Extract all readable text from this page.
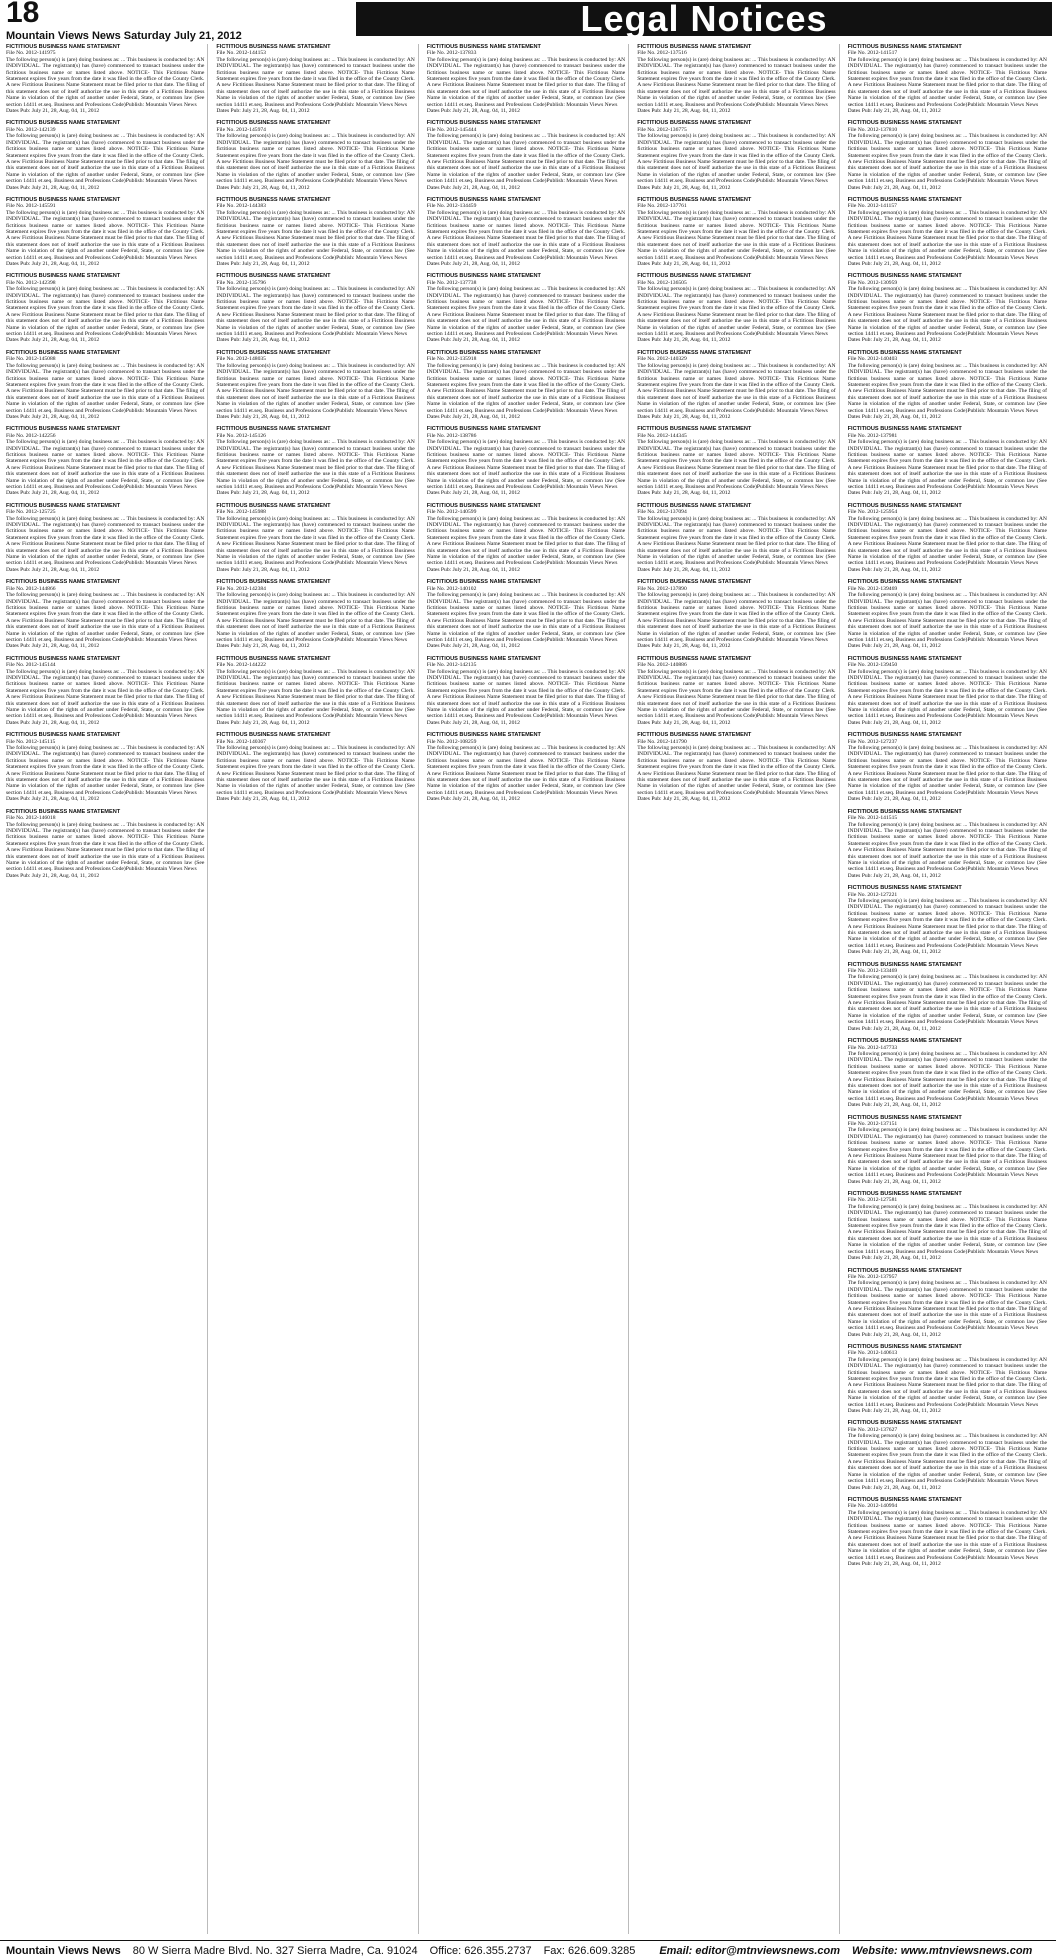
18
Mountain Views News Saturday July 21, 2012	Legal Notices
FICTITIOUS BUSINESS NAME STATEMENT
File No. 2012-141975
The following person(s) is (are) doing business as: ... This business is conducted by: AN INDIVIDUAL. The registrant(s) has (have) commenced to transact business under the fictitious business name or names listed above. NOTICE- This Fictitious Name Statement expires five years from the date it was filed in the office of the County Clerk. A new Fictitious Business Name Statement must be filed prior to that date. The filing of this statement does not of itself authorize the use in this state of a Fictitious Business Name in violation of the rights of another under Federal, State, or common law (See section 14411 et.seq. Business and Professions Code)Publish: Mountain Views News
Dates Pub: July 21, 28, Aug. 04, 11, 2012
FICTITIOUS BUSINESS NAME STATEMENT
File No. 2012-142139
The following person(s) is (are) doing business as: ... This business is conducted by: AN INDIVIDUAL. The registrant(s) has (have) commenced to transact business under the fictitious business name or names listed above. NOTICE- This Fictitious Name Statement expires five years from the date it was filed in the office of the County Clerk. A new Fictitious Business Name Statement must be filed prior to that date. The filing of this statement does not of itself authorize the use in this state of a Fictitious Business Name in violation of the rights of another under Federal, State, or common law (See section 14411 et.seq. Business and Professions Code)Publish: Mountain Views News
Dates Pub: July 21, 28, Aug. 04, 11, 2012
FICTITIOUS BUSINESS NAME STATEMENT
File No. 2012-145591
The following person(s) is (are) doing business as: ... This business is conducted by: AN INDIVIDUAL. The registrant(s) has (have) commenced to transact business under the fictitious business name or names listed above. NOTICE- This Fictitious Name Statement expires five years from the date it was filed in the office of the County Clerk. A new Fictitious Business Name Statement must be filed prior to that date. The filing of this statement does not of itself authorize the use in this state of a Fictitious Business Name in violation of the rights of another under Federal, State, or common law (See section 14411 et.seq. Business and Professions Code)Publish: Mountain Views News
Dates Pub: July 21, 28, Aug. 04, 11, 2012
FICTITIOUS BUSINESS NAME STATEMENT
File No. 2012-142398
The following person(s) is (are) doing business as: ... This business is conducted by: AN INDIVIDUAL. The registrant(s) has (have) commenced to transact business under the fictitious business name or names listed above. NOTICE- This Fictitious Name Statement expires five years from the date it was filed in the office of the County Clerk. A new Fictitious Business Name Statement must be filed prior to that date. The filing of this statement does not of itself authorize the use in this state of a Fictitious Business Name in violation of the rights of another under Federal, State, or common law (See section 14411 et.seq. Business and Professions Code)Publish: Mountain Views News
Dates Pub: July 21, 28, Aug. 04, 11, 2012
FICTITIOUS BUSINESS NAME STATEMENT
File No. 2012-145088
The following person(s) is (are) doing business as: ... This business is conducted by: AN INDIVIDUAL. The registrant(s) has (have) commenced to transact business under the fictitious business name or names listed above. NOTICE- This Fictitious Name Statement expires five years from the date it was filed in the office of the County Clerk. A new Fictitious Business Name Statement must be filed prior to that date. The filing of this statement does not of itself authorize the use in this state of a Fictitious Business Name in violation of the rights of another under Federal, State, or common law (See section 14411 et.seq. Business and Professions Code)Publish: Mountain Views News
Dates Pub: July 21, 28, Aug. 04, 11, 2012
FICTITIOUS BUSINESS NAME STATEMENT
File No. 2012-142256
The following person(s) is (are) doing business as: ... This business is conducted by: AN INDIVIDUAL. The registrant(s) has (have) commenced to transact business under the fictitious business name or names listed above. NOTICE- This Fictitious Name Statement expires five years from the date it was filed in the office of the County Clerk. A new Fictitious Business Name Statement must be filed prior to that date. The filing of this statement does not of itself authorize the use in this state of a Fictitious Business Name in violation of the rights of another under Federal, State, or common law (See section 14411 et.seq. Business and Professions Code)Publish: Mountain Views News
Dates Pub: July 21, 28, Aug. 04, 11, 2012
FICTITIOUS BUSINESS NAME STATEMENT
File No. 2012-125725
The following person(s) is (are) doing business as: ... This business is conducted by: AN INDIVIDUAL. The registrant(s) has (have) commenced to transact business under the fictitious business name or names listed above. NOTICE- This Fictitious Name Statement expires five years from the date it was filed in the office of the County Clerk. A new Fictitious Business Name Statement must be filed prior to that date. The filing of this statement does not of itself authorize the use in this state of a Fictitious Business Name in violation of the rights of another under Federal, State, or common law (See section 14411 et.seq. Business and Professions Code)Publish: Mountain Views News
Dates Pub: July 21, 28, Aug. 04, 11, 2012
FICTITIOUS BUSINESS NAME STATEMENT
File No. 2012-144866
The following person(s) is (are) doing business as: ... This business is conducted by: AN INDIVIDUAL. The registrant(s) has (have) commenced to transact business under the fictitious business name or names listed above. NOTICE- This Fictitious Name Statement expires five years from the date it was filed in the office of the County Clerk. A new Fictitious Business Name Statement must be filed prior to that date. The filing of this statement does not of itself authorize the use in this state of a Fictitious Business Name in violation of the rights of another under Federal, State, or common law (See section 14411 et.seq. Business and Professions Code)Publish: Mountain Views News
Dates Pub: July 21, 28, Aug. 04, 11, 2012
FICTITIOUS BUSINESS NAME STATEMENT
File No. 2012-145144
The following person(s) is (are) doing business as: ... This business is conducted by: AN INDIVIDUAL. The registrant(s) has (have) commenced to transact business under the fictitious business name or names listed above. NOTICE- This Fictitious Name Statement expires five years from the date it was filed in the office of the County Clerk. A new Fictitious Business Name Statement must be filed prior to that date. The filing of this statement does not of itself authorize the use in this state of a Fictitious Business Name in violation of the rights of another under Federal, State, or common law (See section 14411 et.seq. Business and Professions Code)Publish: Mountain Views News
Dates Pub: July 21, 28, Aug. 04, 11, 2012
FICTITIOUS BUSINESS NAME STATEMENT
File No. 2012-145115
The following person(s) is (are) doing business as: ... This business is conducted by: AN INDIVIDUAL. The registrant(s) has (have) commenced to transact business under the fictitious business name or names listed above. NOTICE- This Fictitious Name Statement expires five years from the date it was filed in the office of the County Clerk. A new Fictitious Business Name Statement must be filed prior to that date. The filing of this statement does not of itself authorize the use in this state of a Fictitious Business Name in violation of the rights of another under Federal, State, or common law (See section 14411 et.seq. Business and Professions Code)Publish: Mountain Views News
Dates Pub: July 21, 28, Aug. 04, 11, 2012
FICTITIOUS BUSINESS NAME STATEMENT
File No. 2012-146018
The following person(s) is (are) doing business as: ... This business is conducted by: AN INDIVIDUAL. The registrant(s) has (have) commenced to transact business under the fictitious business name or names listed above. NOTICE- This Fictitious Name Statement expires five years from the date it was filed in the office of the County Clerk. A new Fictitious Business Name Statement must be filed prior to that date. The filing of this statement does not of itself authorize the use in this state of a Fictitious Business Name in violation of the rights of another under Federal, State, or common law (See section 14411 et.seq. Business and Professions Code)Publish: Mountain Views News
Dates Pub: July 21, 28, Aug. 04, 11, 2012
FICTITIOUS BUSINESS NAME STATEMENT
File No. 2012-144153
The following person(s) is (are) doing business as: ... This business is conducted by: AN INDIVIDUAL. The registrant(s) has (have) commenced to transact business under the fictitious business name or names listed above. NOTICE- This Fictitious Name Statement expires five years from the date it was filed in the office of the County Clerk. A new Fictitious Business Name Statement must be filed prior to that date. The filing of this statement does not of itself authorize the use in this state of a Fictitious Business Name in violation of the rights of another under Federal, State, or common law (See section 14411 et.seq. Business and Professions Code)Publish: Mountain Views News
Dates Pub: July 21, 28, Aug. 04, 11, 2012
FICTITIOUS BUSINESS NAME STATEMENT
File No. 2012-145974
The following person(s) is (are) doing business as: ... This business is conducted by: AN INDIVIDUAL. The registrant(s) has (have) commenced to transact business under the fictitious business name or names listed above. NOTICE- This Fictitious Name Statement expires five years from the date it was filed in the office of the County Clerk. A new Fictitious Business Name Statement must be filed prior to that date. The filing of this statement does not of itself authorize the use in this state of a Fictitious Business Name in violation of the rights of another under Federal, State, or common law (See section 14411 et.seq. Business and Professions Code)Publish: Mountain Views News
Dates Pub: July 21, 28, Aug. 04, 11, 2012
FICTITIOUS BUSINESS NAME STATEMENT
File No. 2012-144383
The following person(s) is (are) doing business as: ... This business is conducted by: AN INDIVIDUAL. The registrant(s) has (have) commenced to transact business under the fictitious business name or names listed above. NOTICE- This Fictitious Name Statement expires five years from the date it was filed in the office of the County Clerk. A new Fictitious Business Name Statement must be filed prior to that date. The filing of this statement does not of itself authorize the use in this state of a Fictitious Business Name in violation of the rights of another under Federal, State, or common law (See section 14411 et.seq. Business and Professions Code)Publish: Mountain Views News
Dates Pub: July 21, 28, Aug. 04, 11, 2012
FICTITIOUS BUSINESS NAME STATEMENT
File No. 2012-135796
The following person(s) is (are) doing business as: ... This business is conducted by: AN INDIVIDUAL. The registrant(s) has (have) commenced to transact business under the fictitious business name or names listed above. NOTICE- This Fictitious Name Statement expires five years from the date it was filed in the office of the County Clerk. A new Fictitious Business Name Statement must be filed prior to that date. The filing of this statement does not of itself authorize the use in this state of a Fictitious Business Name in violation of the rights of another under Federal, State, or common law (See section 14411 et.seq. Business and Professions Code)Publish: Mountain Views News
Dates Pub: July 21, 28, Aug. 04, 11, 2012
FICTITIOUS BUSINESS NAME STATEMENT
File No. 2012-148035
The following person(s) is (are) doing business as: ... This business is conducted by: AN INDIVIDUAL. The registrant(s) has (have) commenced to transact business under the fictitious business name or names listed above. NOTICE- This Fictitious Name Statement expires five years from the date it was filed in the office of the County Clerk. A new Fictitious Business Name Statement must be filed prior to that date. The filing of this statement does not of itself authorize the use in this state of a Fictitious Business Name in violation of the rights of another under Federal, State, or common law (See section 14411 et.seq. Business and Professions Code)Publish: Mountain Views News
Dates Pub: July 21, 28, Aug. 04, 11, 2012
FICTITIOUS BUSINESS NAME STATEMENT
File No. 2012-145126
The following person(s) is (are) doing business as: ... This business is conducted by: AN INDIVIDUAL. The registrant(s) has (have) commenced to transact business under the fictitious business name or names listed above. NOTICE- This Fictitious Name Statement expires five years from the date it was filed in the office of the County Clerk. A new Fictitious Business Name Statement must be filed prior to that date. The filing of this statement does not of itself authorize the use in this state of a Fictitious Business Name in violation of the rights of another under Federal, State, or common law (See section 14411 et.seq. Business and Professions Code)Publish: Mountain Views News
Dates Pub: July 21, 28, Aug. 04, 11, 2012
FICTITIOUS BUSINESS NAME STATEMENT
File No. 2012-145988
The following person(s) is (are) doing business as: ... This business is conducted by: AN INDIVIDUAL. The registrant(s) has (have) commenced to transact business under the fictitious business name or names listed above. NOTICE- This Fictitious Name Statement expires five years from the date it was filed in the office of the County Clerk. A new Fictitious Business Name Statement must be filed prior to that date. The filing of this statement does not of itself authorize the use in this state of a Fictitious Business Name in violation of the rights of another under Federal, State, or common law (See section 14411 et.seq. Business and Professions Code)Publish: Mountain Views News
Dates Pub: July 21, 28, Aug. 04, 11, 2012
FICTITIOUS BUSINESS NAME STATEMENT
File No. 2012-142384
The following person(s) is (are) doing business as: ... This business is conducted by: AN INDIVIDUAL. The registrant(s) has (have) commenced to transact business under the fictitious business name or names listed above. NOTICE- This Fictitious Name Statement expires five years from the date it was filed in the office of the County Clerk. A new Fictitious Business Name Statement must be filed prior to that date. The filing of this statement does not of itself authorize the use in this state of a Fictitious Business Name in violation of the rights of another under Federal, State, or common law (See section 14411 et.seq. Business and Professions Code)Publish: Mountain Views News
Dates Pub: July 21, 28, Aug. 04, 11, 2012
FICTITIOUS BUSINESS NAME STATEMENT
File No. 2012-144222
The following person(s) is (are) doing business as: ... This business is conducted by: AN INDIVIDUAL. The registrant(s) has (have) commenced to transact business under the fictitious business name or names listed above. NOTICE- This Fictitious Name Statement expires five years from the date it was filed in the office of the County Clerk. A new Fictitious Business Name Statement must be filed prior to that date. The filing of this statement does not of itself authorize the use in this state of a Fictitious Business Name in violation of the rights of another under Federal, State, or common law (See section 14411 et.seq. Business and Professions Code)Publish: Mountain Views News
Dates Pub: July 21, 28, Aug. 04, 11, 2012
FICTITIOUS BUSINESS NAME STATEMENT
File No. 2012-140367
The following person(s) is (are) doing business as: ... This business is conducted by: AN INDIVIDUAL. The registrant(s) has (have) commenced to transact business under the fictitious business name or names listed above. NOTICE- This Fictitious Name Statement expires five years from the date it was filed in the office of the County Clerk. A new Fictitious Business Name Statement must be filed prior to that date. The filing of this statement does not of itself authorize the use in this state of a Fictitious Business Name in violation of the rights of another under Federal, State, or common law (See section 14411 et.seq. Business and Professions Code)Publish: Mountain Views News
Dates Pub: July 21, 28, Aug. 04, 11, 2012
FICTITIOUS BUSINESS NAME STATEMENT
File No. 2012-137833
The following person(s) is (are) doing business as: ... This business is conducted by: AN INDIVIDUAL. The registrant(s) has (have) commenced to transact business under the fictitious business name or names listed above. NOTICE- This Fictitious Name Statement expires five years from the date it was filed in the office of the County Clerk. A new Fictitious Business Name Statement must be filed prior to that date. The filing of this statement does not of itself authorize the use in this state of a Fictitious Business Name in violation of the rights of another under Federal, State, or common law (See section 14411 et.seq. Business and Professions Code)Publish: Mountain Views News
Dates Pub: July 21, 28, Aug. 04, 11, 2012
FICTITIOUS BUSINESS NAME STATEMENT
File No. 2012-145444
The following person(s) is (are) doing business as: ... This business is conducted by: AN INDIVIDUAL. The registrant(s) has (have) commenced to transact business under the fictitious business name or names listed above. NOTICE- This Fictitious Name Statement expires five years from the date it was filed in the office of the County Clerk. A new Fictitious Business Name Statement must be filed prior to that date. The filing of this statement does not of itself authorize the use in this state of a Fictitious Business Name in violation of the rights of another under Federal, State, or common law (See section 14411 et.seq. Business and Professions Code)Publish: Mountain Views News
Dates Pub: July 21, 28, Aug. 04, 11, 2012
FICTITIOUS BUSINESS NAME STATEMENT
File No. 2012-134459
The following person(s) is (are) doing business as: ... This business is conducted by: AN INDIVIDUAL. The registrant(s) has (have) commenced to transact business under the fictitious business name or names listed above. NOTICE- This Fictitious Name Statement expires five years from the date it was filed in the office of the County Clerk. A new Fictitious Business Name Statement must be filed prior to that date. The filing of this statement does not of itself authorize the use in this state of a Fictitious Business Name in violation of the rights of another under Federal, State, or common law (See section 14411 et.seq. Business and Professions Code)Publish: Mountain Views News
Dates Pub: July 21, 28, Aug. 04, 11, 2012
FICTITIOUS BUSINESS NAME STATEMENT
File No. 2012-137738
The following person(s) is (are) doing business as: ... This business is conducted by: AN INDIVIDUAL. The registrant(s) has (have) commenced to transact business under the fictitious business name or names listed above. NOTICE- This Fictitious Name Statement expires five years from the date it was filed in the office of the County Clerk. A new Fictitious Business Name Statement must be filed prior to that date. The filing of this statement does not of itself authorize the use in this state of a Fictitious Business Name in violation of the rights of another under Federal, State, or common law (See section 14411 et.seq. Business and Professions Code)Publish: Mountain Views News
Dates Pub: July 21, 28, Aug. 04, 11, 2012
FICTITIOUS BUSINESS NAME STATEMENT
File No. 2012-135918
The following person(s) is (are) doing business as: ... This business is conducted by: AN INDIVIDUAL. The registrant(s) has (have) commenced to transact business under the fictitious business name or names listed above. NOTICE- This Fictitious Name Statement expires five years from the date it was filed in the office of the County Clerk. A new Fictitious Business Name Statement must be filed prior to that date. The filing of this statement does not of itself authorize the use in this state of a Fictitious Business Name in violation of the rights of another under Federal, State, or common law (See section 14411 et.seq. Business and Professions Code)Publish: Mountain Views News
Dates Pub: July 21, 28, Aug. 04, 11, 2012
FICTITIOUS BUSINESS NAME STATEMENT
File No. 2012-138786
The following person(s) is (are) doing business as: ... This business is conducted by: AN INDIVIDUAL. The registrant(s) has (have) commenced to transact business under the fictitious business name or names listed above. NOTICE- This Fictitious Name Statement expires five years from the date it was filed in the office of the County Clerk. A new Fictitious Business Name Statement must be filed prior to that date. The filing of this statement does not of itself authorize the use in this state of a Fictitious Business Name in violation of the rights of another under Federal, State, or common law (See section 14411 et.seq. Business and Professions Code)Publish: Mountain Views News
Dates Pub: July 21, 28, Aug. 04, 11, 2012
FICTITIOUS BUSINESS NAME STATEMENT
File No. 2012-140599
The following person(s) is (are) doing business as: ... This business is conducted by: AN INDIVIDUAL. The registrant(s) has (have) commenced to transact business under the fictitious business name or names listed above. NOTICE- This Fictitious Name Statement expires five years from the date it was filed in the office of the County Clerk. A new Fictitious Business Name Statement must be filed prior to that date. The filing of this statement does not of itself authorize the use in this state of a Fictitious Business Name in violation of the rights of another under Federal, State, or common law (See section 14411 et.seq. Business and Professions Code)Publish: Mountain Views News
Dates Pub: July 21, 28, Aug. 04, 11, 2012
FICTITIOUS BUSINESS NAME STATEMENT
File No. 2012-140102
The following person(s) is (are) doing business as: ... This business is conducted by: AN INDIVIDUAL. The registrant(s) has (have) commenced to transact business under the fictitious business name or names listed above. NOTICE- This Fictitious Name Statement expires five years from the date it was filed in the office of the County Clerk. A new Fictitious Business Name Statement must be filed prior to that date. The filing of this statement does not of itself authorize the use in this state of a Fictitious Business Name in violation of the rights of another under Federal, State, or common law (See section 14411 et.seq. Business and Professions Code)Publish: Mountain Views News
Dates Pub: July 21, 28, Aug. 04, 11, 2012
FICTITIOUS BUSINESS NAME STATEMENT
File No. 2012-142135
The following person(s) is (are) doing business as: ... This business is conducted by: AN INDIVIDUAL. The registrant(s) has (have) commenced to transact business under the fictitious business name or names listed above. NOTICE- This Fictitious Name Statement expires five years from the date it was filed in the office of the County Clerk. A new Fictitious Business Name Statement must be filed prior to that date. The filing of this statement does not of itself authorize the use in this state of a Fictitious Business Name in violation of the rights of another under Federal, State, or common law (See section 14411 et.seq. Business and Professions Code)Publish: Mountain Views News
Dates Pub: July 21, 28, Aug. 04, 11, 2012
FICTITIOUS BUSINESS NAME STATEMENT
File No. 2012-108259
The following person(s) is (are) doing business as: ... This business is conducted by: AN INDIVIDUAL. The registrant(s) has (have) commenced to transact business under the fictitious business name or names listed above. NOTICE- This Fictitious Name Statement expires five years from the date it was filed in the office of the County Clerk. A new Fictitious Business Name Statement must be filed prior to that date. The filing of this statement does not of itself authorize the use in this state of a Fictitious Business Name in violation of the rights of another under Federal, State, or common law (See section 14411 et.seq. Business and Professions Code)Publish: Mountain Views News
Dates Pub: July 21, 28, Aug. 04, 11, 2012
FICTITIOUS BUSINESS NAME STATEMENT
File No. 2012-137516
The following person(s) is (are) doing business as: ... This business is conducted by: AN INDIVIDUAL. The registrant(s) has (have) commenced to transact business under the fictitious business name or names listed above. NOTICE- This Fictitious Name Statement expires five years from the date it was filed in the office of the County Clerk. A new Fictitious Business Name Statement must be filed prior to that date. The filing of this statement does not of itself authorize the use in this state of a Fictitious Business Name in violation of the rights of another under Federal, State, or common law (See section 14411 et.seq. Business and Professions Code)Publish: Mountain Views News
Dates Pub: July 21, 28, Aug. 04, 11, 2012
FICTITIOUS BUSINESS NAME STATEMENT
File No. 2012-136775
The following person(s) is (are) doing business as: ... This business is conducted by: AN INDIVIDUAL. The registrant(s) has (have) commenced to transact business under the fictitious business name or names listed above. NOTICE- This Fictitious Name Statement expires five years from the date it was filed in the office of the County Clerk. A new Fictitious Business Name Statement must be filed prior to that date. The filing of this statement does not of itself authorize the use in this state of a Fictitious Business Name in violation of the rights of another under Federal, State, or common law (See section 14411 et.seq. Business and Professions Code)Publish: Mountain Views News
Dates Pub: July 21, 28, Aug. 04, 11, 2012
FICTITIOUS BUSINESS NAME STATEMENT
File No. 2012-137761
The following person(s) is (are) doing business as: ... This business is conducted by: AN INDIVIDUAL. The registrant(s) has (have) commenced to transact business under the fictitious business name or names listed above. NOTICE- This Fictitious Name Statement expires five years from the date it was filed in the office of the County Clerk. A new Fictitious Business Name Statement must be filed prior to that date. The filing of this statement does not of itself authorize the use in this state of a Fictitious Business Name in violation of the rights of another under Federal, State, or common law (See section 14411 et.seq. Business and Professions Code)Publish: Mountain Views News
Dates Pub: July 21, 28, Aug. 04, 11, 2012
FICTITIOUS BUSINESS NAME STATEMENT
File No. 2012-136505
The following person(s) is (are) doing business as: ... This business is conducted by: AN INDIVIDUAL. The registrant(s) has (have) commenced to transact business under the fictitious business name or names listed above. NOTICE- This Fictitious Name Statement expires five years from the date it was filed in the office of the County Clerk. A new Fictitious Business Name Statement must be filed prior to that date. The filing of this statement does not of itself authorize the use in this state of a Fictitious Business Name in violation of the rights of another under Federal, State, or common law (See section 14411 et.seq. Business and Professions Code)Publish: Mountain Views News
Dates Pub: July 21, 28, Aug. 04, 11, 2012
FICTITIOUS BUSINESS NAME STATEMENT
File No. 2012-140329
The following person(s) is (are) doing business as: ... This business is conducted by: AN INDIVIDUAL. The registrant(s) has (have) commenced to transact business under the fictitious business name or names listed above. NOTICE- This Fictitious Name Statement expires five years from the date it was filed in the office of the County Clerk. A new Fictitious Business Name Statement must be filed prior to that date. The filing of this statement does not of itself authorize the use in this state of a Fictitious Business Name in violation of the rights of another under Federal, State, or common law (See section 14411 et.seq. Business and Professions Code)Publish: Mountain Views News
Dates Pub: July 21, 28, Aug. 04, 11, 2012
FICTITIOUS BUSINESS NAME STATEMENT
File No. 2012-144345
The following person(s) is (are) doing business as: ... This business is conducted by: AN INDIVIDUAL. The registrant(s) has (have) commenced to transact business under the fictitious business name or names listed above. NOTICE- This Fictitious Name Statement expires five years from the date it was filed in the office of the County Clerk. A new Fictitious Business Name Statement must be filed prior to that date. The filing of this statement does not of itself authorize the use in this state of a Fictitious Business Name in violation of the rights of another under Federal, State, or common law (See section 14411 et.seq. Business and Professions Code)Publish: Mountain Views News
Dates Pub: July 21, 28, Aug. 04, 11, 2012
FICTITIOUS BUSINESS NAME STATEMENT
File No. 2012-137094
The following person(s) is (are) doing business as: ... This business is conducted by: AN INDIVIDUAL. The registrant(s) has (have) commenced to transact business under the fictitious business name or names listed above. NOTICE- This Fictitious Name Statement expires five years from the date it was filed in the office of the County Clerk. A new Fictitious Business Name Statement must be filed prior to that date. The filing of this statement does not of itself authorize the use in this state of a Fictitious Business Name in violation of the rights of another under Federal, State, or common law (See section 14411 et.seq. Business and Professions Code)Publish: Mountain Views News
Dates Pub: July 21, 28, Aug. 04, 11, 2012
FICTITIOUS BUSINESS NAME STATEMENT
File No. 2012-137890
The following person(s) is (are) doing business as: ... This business is conducted by: AN INDIVIDUAL. The registrant(s) has (have) commenced to transact business under the fictitious business name or names listed above. NOTICE- This Fictitious Name Statement expires five years from the date it was filed in the office of the County Clerk. A new Fictitious Business Name Statement must be filed prior to that date. The filing of this statement does not of itself authorize the use in this state of a Fictitious Business Name in violation of the rights of another under Federal, State, or common law (See section 14411 et.seq. Business and Professions Code)Publish: Mountain Views News
Dates Pub: July 21, 28, Aug. 04, 11, 2012
FICTITIOUS BUSINESS NAME STATEMENT
File No. 2012-140886
The following person(s) is (are) doing business as: ... This business is conducted by: AN INDIVIDUAL. The registrant(s) has (have) commenced to transact business under the fictitious business name or names listed above. NOTICE- This Fictitious Name Statement expires five years from the date it was filed in the office of the County Clerk. A new Fictitious Business Name Statement must be filed prior to that date. The filing of this statement does not of itself authorize the use in this state of a Fictitious Business Name in violation of the rights of another under Federal, State, or common law (See section 14411 et.seq. Business and Professions Code)Publish: Mountain Views News
Dates Pub: July 21, 28, Aug. 04, 11, 2012
FICTITIOUS BUSINESS NAME STATEMENT
File No. 2012-141790
The following person(s) is (are) doing business as: ... This business is conducted by: AN INDIVIDUAL. The registrant(s) has (have) commenced to transact business under the fictitious business name or names listed above. NOTICE- This Fictitious Name Statement expires five years from the date it was filed in the office of the County Clerk. A new Fictitious Business Name Statement must be filed prior to that date. The filing of this statement does not of itself authorize the use in this state of a Fictitious Business Name in violation of the rights of another under Federal, State, or common law (See section 14411 et.seq. Business and Professions Code)Publish: Mountain Views News
Dates Pub: July 21, 28, Aug. 04, 11, 2012
FICTITIOUS BUSINESS NAME STATEMENT
File No. 2012-141517
The following person(s) is (are) doing business as: ... This business is conducted by: AN INDIVIDUAL. The registrant(s) has (have) commenced to transact business under the fictitious business name or names listed above. NOTICE- This Fictitious Name Statement expires five years from the date it was filed in the office of the County Clerk. A new Fictitious Business Name Statement must be filed prior to that date. The filing of this statement does not of itself authorize the use in this state of a Fictitious Business Name in violation of the rights of another under Federal, State, or common law (See section 14411 et.seq. Business and Professions Code)Publish: Mountain Views News
Dates Pub: July 21, 28, Aug. 04, 11, 2012
FICTITIOUS BUSINESS NAME STATEMENT
File No. 2012-137810
The following person(s) is (are) doing business as: ... This business is conducted by: AN INDIVIDUAL. The registrant(s) has (have) commenced to transact business under the fictitious business name or names listed above. NOTICE- This Fictitious Name Statement expires five years from the date it was filed in the office of the County Clerk. A new Fictitious Business Name Statement must be filed prior to that date. The filing of this statement does not of itself authorize the use in this state of a Fictitious Business Name in violation of the rights of another under Federal, State, or common law (See section 14411 et.seq. Business and Professions Code)Publish: Mountain Views News
Dates Pub: July 21, 28, Aug. 04, 11, 2012
FICTITIOUS BUSINESS NAME STATEMENT
File No. 2012-141157
The following person(s) is (are) doing business as: ... This business is conducted by: AN INDIVIDUAL. The registrant(s) has (have) commenced to transact business under the fictitious business name or names listed above. NOTICE- This Fictitious Name Statement expires five years from the date it was filed in the office of the County Clerk. A new Fictitious Business Name Statement must be filed prior to that date. The filing of this statement does not of itself authorize the use in this state of a Fictitious Business Name in violation of the rights of another under Federal, State, or common law (See section 14411 et.seq. Business and Professions Code)Publish: Mountain Views News
Dates Pub: July 21, 28, Aug. 04, 11, 2012
FICTITIOUS BUSINESS NAME STATEMENT
File No. 2012-130959
The following person(s) is (are) doing business as: ... This business is conducted by: AN INDIVIDUAL. The registrant(s) has (have) commenced to transact business under the fictitious business name or names listed above. NOTICE- This Fictitious Name Statement expires five years from the date it was filed in the office of the County Clerk. A new Fictitious Business Name Statement must be filed prior to that date. The filing of this statement does not of itself authorize the use in this state of a Fictitious Business Name in violation of the rights of another under Federal, State, or common law (See section 14411 et.seq. Business and Professions Code)Publish: Mountain Views News
Dates Pub: July 21, 28, Aug. 04, 11, 2012
FICTITIOUS BUSINESS NAME STATEMENT
File No. 2012-140403
The following person(s) is (are) doing business as: ... This business is conducted by: AN INDIVIDUAL. The registrant(s) has (have) commenced to transact business under the fictitious business name or names listed above. NOTICE- This Fictitious Name Statement expires five years from the date it was filed in the office of the County Clerk. A new Fictitious Business Name Statement must be filed prior to that date. The filing of this statement does not of itself authorize the use in this state of a Fictitious Business Name in violation of the rights of another under Federal, State, or common law (See section 14411 et.seq. Business and Professions Code)Publish: Mountain Views News
Dates Pub: July 21, 28, Aug. 04, 11, 2012
FICTITIOUS BUSINESS NAME STATEMENT
File No. 2012-137981
The following person(s) is (are) doing business as: ... This business is conducted by: AN INDIVIDUAL. The registrant(s) has (have) commenced to transact business under the fictitious business name or names listed above. NOTICE- This Fictitious Name Statement expires five years from the date it was filed in the office of the County Clerk. A new Fictitious Business Name Statement must be filed prior to that date. The filing of this statement does not of itself authorize the use in this state of a Fictitious Business Name in violation of the rights of another under Federal, State, or common law (See section 14411 et.seq. Business and Professions Code)Publish: Mountain Views News
Dates Pub: July 21, 28, Aug. 04, 11, 2012
FICTITIOUS BUSINESS NAME STATEMENT
File No. 2012-125954
The following person(s) is (are) doing business as: ... This business is conducted by: AN INDIVIDUAL. The registrant(s) has (have) commenced to transact business under the fictitious business name or names listed above. NOTICE- This Fictitious Name Statement expires five years from the date it was filed in the office of the County Clerk. A new Fictitious Business Name Statement must be filed prior to that date. The filing of this statement does not of itself authorize the use in this state of a Fictitious Business Name in violation of the rights of another under Federal, State, or common law (See section 14411 et.seq. Business and Professions Code)Publish: Mountain Views News
Dates Pub: July 21, 28, Aug. 04, 11, 2012
FICTITIOUS BUSINESS NAME STATEMENT
File No. 2012-139469
The following person(s) is (are) doing business as: ... This business is conducted by: AN INDIVIDUAL. The registrant(s) has (have) commenced to transact business under the fictitious business name or names listed above. NOTICE- This Fictitious Name Statement expires five years from the date it was filed in the office of the County Clerk. A new Fictitious Business Name Statement must be filed prior to that date. The filing of this statement does not of itself authorize the use in this state of a Fictitious Business Name in violation of the rights of another under Federal, State, or common law (See section 14411 et.seq. Business and Professions Code)Publish: Mountain Views News
Dates Pub: July 21, 28, Aug. 04, 11, 2012
FICTITIOUS BUSINESS NAME STATEMENT
File No. 2012-139450
The following person(s) is (are) doing business as: ... This business is conducted by: AN INDIVIDUAL. The registrant(s) has (have) commenced to transact business under the fictitious business name or names listed above. NOTICE- This Fictitious Name Statement expires five years from the date it was filed in the office of the County Clerk. A new Fictitious Business Name Statement must be filed prior to that date. The filing of this statement does not of itself authorize the use in this state of a Fictitious Business Name in violation of the rights of another under Federal, State, or common law (See section 14411 et.seq. Business and Professions Code)Publish: Mountain Views News
Dates Pub: July 21, 28, Aug. 04, 11, 2012
FICTITIOUS BUSINESS NAME STATEMENT
File No. 2012-127237
The following person(s) is (are) doing business as: ... This business is conducted by: AN INDIVIDUAL. The registrant(s) has (have) commenced to transact business under the fictitious business name or names listed above. NOTICE- This Fictitious Name Statement expires five years from the date it was filed in the office of the County Clerk. A new Fictitious Business Name Statement must be filed prior to that date. The filing of this statement does not of itself authorize the use in this state of a Fictitious Business Name in violation of the rights of another under Federal, State, or common law (See section 14411 et.seq. Business and Professions Code)Publish: Mountain Views News
Dates Pub: July 21, 28, Aug. 04, 11, 2012
FICTITIOUS BUSINESS NAME STATEMENT
File No. 2012-141515
The following person(s) is (are) doing business as: ... This business is conducted by: AN INDIVIDUAL. The registrant(s) has (have) commenced to transact business under the fictitious business name or names listed above. NOTICE- This Fictitious Name Statement expires five years from the date it was filed in the office of the County Clerk. A new Fictitious Business Name Statement must be filed prior to that date. The filing of this statement does not of itself authorize the use in this state of a Fictitious Business Name in violation of the rights of another under Federal, State, or common law (See section 14411 et.seq. Business and Professions Code)Publish: Mountain Views News
Dates Pub: July 21, 28, Aug. 04, 11, 2012
FICTITIOUS BUSINESS NAME STATEMENT
File No. 2012-127221
The following person(s) is (are) doing business as: ... This business is conducted by: AN INDIVIDUAL. The registrant(s) has (have) commenced to transact business under the fictitious business name or names listed above. NOTICE- This Fictitious Name Statement expires five years from the date it was filed in the office of the County Clerk. A new Fictitious Business Name Statement must be filed prior to that date. The filing of this statement does not of itself authorize the use in this state of a Fictitious Business Name in violation of the rights of another under Federal, State, or common law (See section 14411 et.seq. Business and Professions Code)Publish: Mountain Views News
Dates Pub: July 21, 28, Aug. 04, 11, 2012
FICTITIOUS BUSINESS NAME STATEMENT
File No. 2012-133469
The following person(s) is (are) doing business as: ... This business is conducted by: AN INDIVIDUAL. The registrant(s) has (have) commenced to transact business under the fictitious business name or names listed above. NOTICE- This Fictitious Name Statement expires five years from the date it was filed in the office of the County Clerk. A new Fictitious Business Name Statement must be filed prior to that date. The filing of this statement does not of itself authorize the use in this state of a Fictitious Business Name in violation of the rights of another under Federal, State, or common law (See section 14411 et.seq. Business and Professions Code)Publish: Mountain Views News
Dates Pub: July 21, 28, Aug. 04, 11, 2012
FICTITIOUS BUSINESS NAME STATEMENT
File No. 2012-147733
The following person(s) is (are) doing business as: ... This business is conducted by: AN INDIVIDUAL. The registrant(s) has (have) commenced to transact business under the fictitious business name or names listed above. NOTICE- This Fictitious Name Statement expires five years from the date it was filed in the office of the County Clerk. A new Fictitious Business Name Statement must be filed prior to that date. The filing of this statement does not of itself authorize the use in this state of a Fictitious Business Name in violation of the rights of another under Federal, State, or common law (See section 14411 et.seq. Business and Professions Code)Publish: Mountain Views News
Dates Pub: July 21, 28, Aug. 04, 11, 2012
FICTITIOUS BUSINESS NAME STATEMENT
File No. 2012-137151
The following person(s) is (are) doing business as: ... This business is conducted by: AN INDIVIDUAL. The registrant(s) has (have) commenced to transact business under the fictitious business name or names listed above. NOTICE- This Fictitious Name Statement expires five years from the date it was filed in the office of the County Clerk. A new Fictitious Business Name Statement must be filed prior to that date. The filing of this statement does not of itself authorize the use in this state of a Fictitious Business Name in violation of the rights of another under Federal, State, or common law (See section 14411 et.seq. Business and Professions Code)Publish: Mountain Views News
Dates Pub: July 21, 28, Aug. 04, 11, 2012
FICTITIOUS BUSINESS NAME STATEMENT
File No. 2012-127581
The following person(s) is (are) doing business as: ... This business is conducted by: AN INDIVIDUAL. The registrant(s) has (have) commenced to transact business under the fictitious business name or names listed above. NOTICE- This Fictitious Name Statement expires five years from the date it was filed in the office of the County Clerk. A new Fictitious Business Name Statement must be filed prior to that date. The filing of this statement does not of itself authorize the use in this state of a Fictitious Business Name in violation of the rights of another under Federal, State, or common law (See section 14411 et.seq. Business and Professions Code)Publish: Mountain Views News
Dates Pub: July 21, 28, Aug. 04, 11, 2012
FICTITIOUS BUSINESS NAME STATEMENT
File No. 2012-137957
The following person(s) is (are) doing business as: ... This business is conducted by: AN INDIVIDUAL. The registrant(s) has (have) commenced to transact business under the fictitious business name or names listed above. NOTICE- This Fictitious Name Statement expires five years from the date it was filed in the office of the County Clerk. A new Fictitious Business Name Statement must be filed prior to that date. The filing of this statement does not of itself authorize the use in this state of a Fictitious Business Name in violation of the rights of another under Federal, State, or common law (See section 14411 et.seq. Business and Professions Code)Publish: Mountain Views News
Dates Pub: July 21, 28, Aug. 04, 11, 2012
FICTITIOUS BUSINESS NAME STATEMENT
File No. 2012-140613
The following person(s) is (are) doing business as: ... This business is conducted by: AN INDIVIDUAL. The registrant(s) has (have) commenced to transact business under the fictitious business name or names listed above. NOTICE- This Fictitious Name Statement expires five years from the date it was filed in the office of the County Clerk. A new Fictitious Business Name Statement must be filed prior to that date. The filing of this statement does not of itself authorize the use in this state of a Fictitious Business Name in violation of the rights of another under Federal, State, or common law (See section 14411 et.seq. Business and Professions Code)Publish: Mountain Views News
Dates Pub: July 21, 28, Aug. 04, 11, 2012
FICTITIOUS BUSINESS NAME STATEMENT
File No. 2012-137627
The following person(s) is (are) doing business as: ... This business is conducted by: AN INDIVIDUAL. The registrant(s) has (have) commenced to transact business under the fictitious business name or names listed above. NOTICE- This Fictitious Name Statement expires five years from the date it was filed in the office of the County Clerk. A new Fictitious Business Name Statement must be filed prior to that date. The filing of this statement does not of itself authorize the use in this state of a Fictitious Business Name in violation of the rights of another under Federal, State, or common law (See section 14411 et.seq. Business and Professions Code)Publish: Mountain Views News
Dates Pub: July 21, 28, Aug. 04, 11, 2012
FICTITIOUS BUSINESS NAME STATEMENT
File No. 2012-140994
The following person(s) is (are) doing business as: ... This business is conducted by: AN INDIVIDUAL. The registrant(s) has (have) commenced to transact business under the fictitious business name or names listed above. NOTICE- This Fictitious Name Statement expires five years from the date it was filed in the office of the County Clerk. A new Fictitious Business Name Statement must be filed prior to that date. The filing of this statement does not of itself authorize the use in this state of a Fictitious Business Name in violation of the rights of another under Federal, State, or common law (See section 14411 et.seq. Business and Professions Code)Publish: Mountain Views News
Dates Pub: July 21, 28, Aug. 04, 11, 2012
Mountain Views News 80 W Sierra Madre Blvd. No. 327 Sierra Madre, Ca. 91024 Office: 626.355.2737 Fax: 626.609.3285 Email: editor@mtnviewsnews.com Website: www.mtnviewsnews.com
